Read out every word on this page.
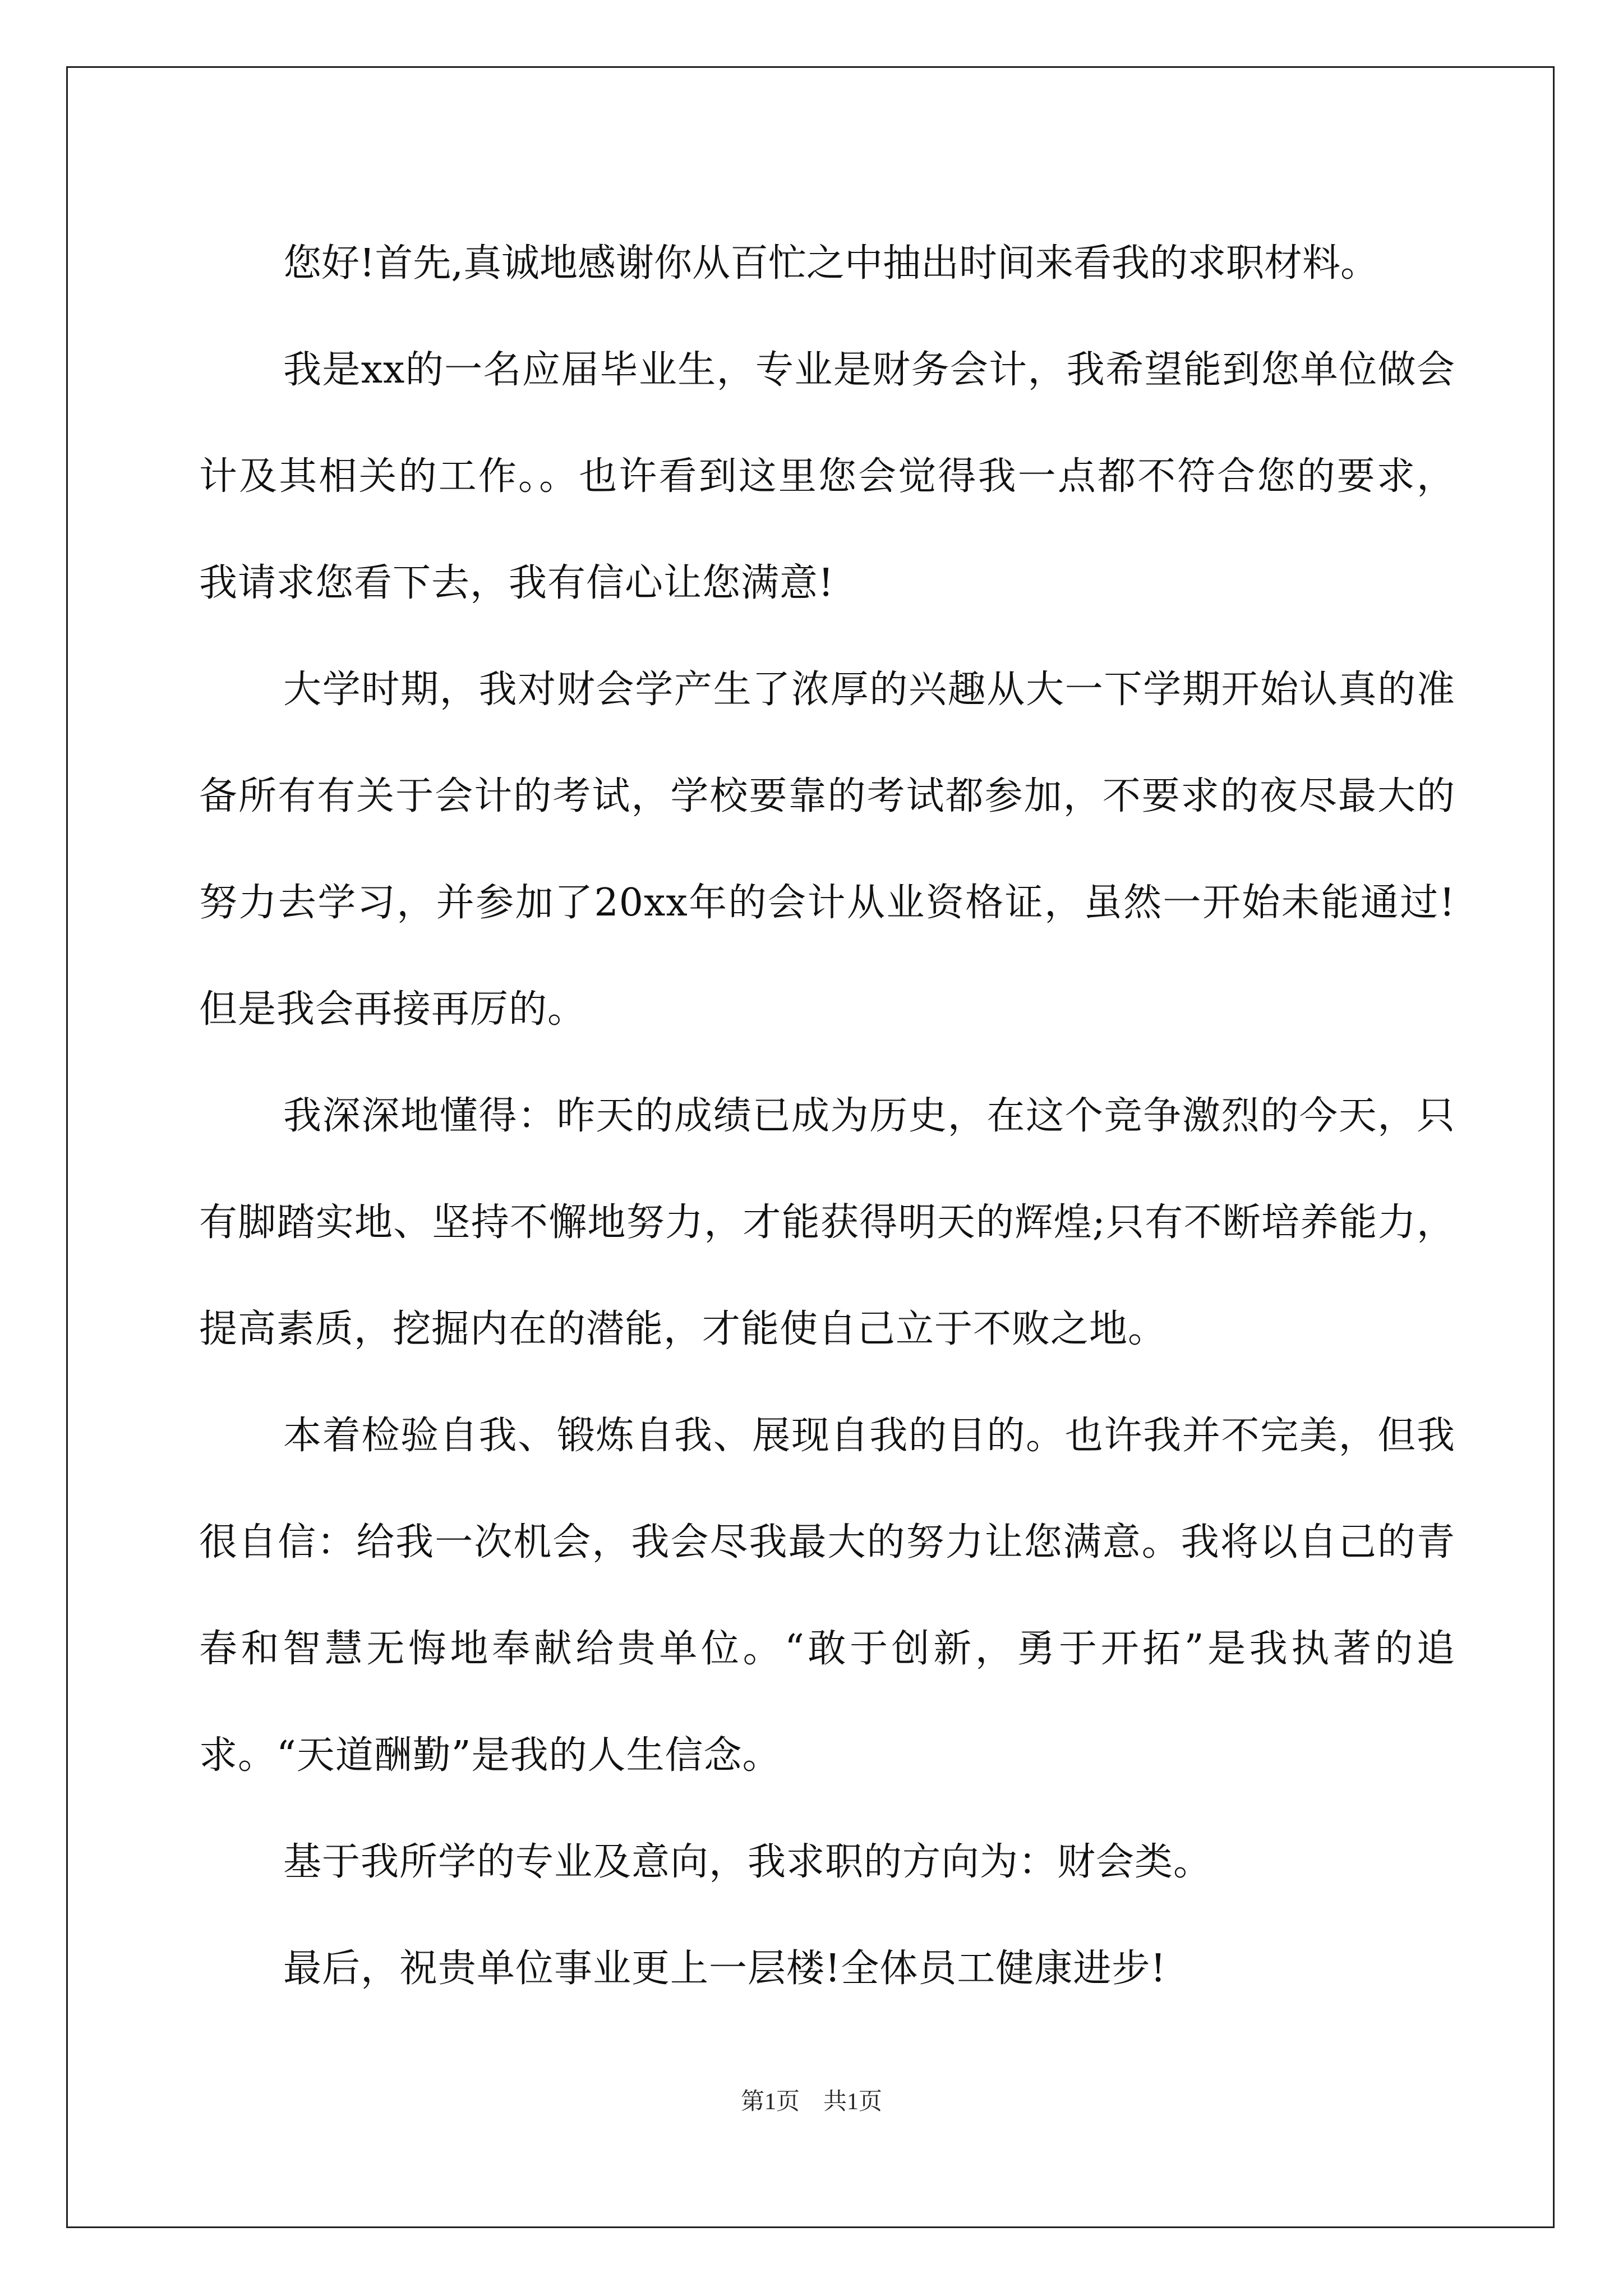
您好!首先,真诚地感谢你从百忙之中抽出时间来看我的求职材料。

我是xx的一名应届毕业生，专业是财务会计，我希望能到您单位做会计及其相关的工作。。也许看到这里您会觉得我一点都不符合您的要求，我请求您看下去，我有信心让您满意!

大学时期，我对财会学产生了浓厚的兴趣从大一下学期开始认真的准备所有有关于会计的考试，学校要靠的考试都参加，不要求的夜尽最大的努力去学习，并参加了20xx年的会计从业资格证，虽然一开始未能通过!但是我会再接再厉的。

我深深地懂得：昨天的成绩已成为历史，在这个竞争激烈的今天，只有脚踏实地、坚持不懈地努力，才能获得明天的辉煌;只有不断培养能力，提高素质，挖掘内在的潜能，才能使自己立于不败之地。

本着检验自我、锻炼自我、展现自我的目的。也许我并不完美，但我很自信：给我一次机会，我会尽我最大的努力让您满意。我将以自己的青春和智慧无悔地奉献给贵单位。“敢于创新，勇于开拓”是我执著的追求。“天道酬勤”是我的人生信念。

基于我所学的专业及意向，我求职的方向为：财会类。

最后，祝贵单位事业更上一层楼!全体员工健康进步!

第1页　共1页
